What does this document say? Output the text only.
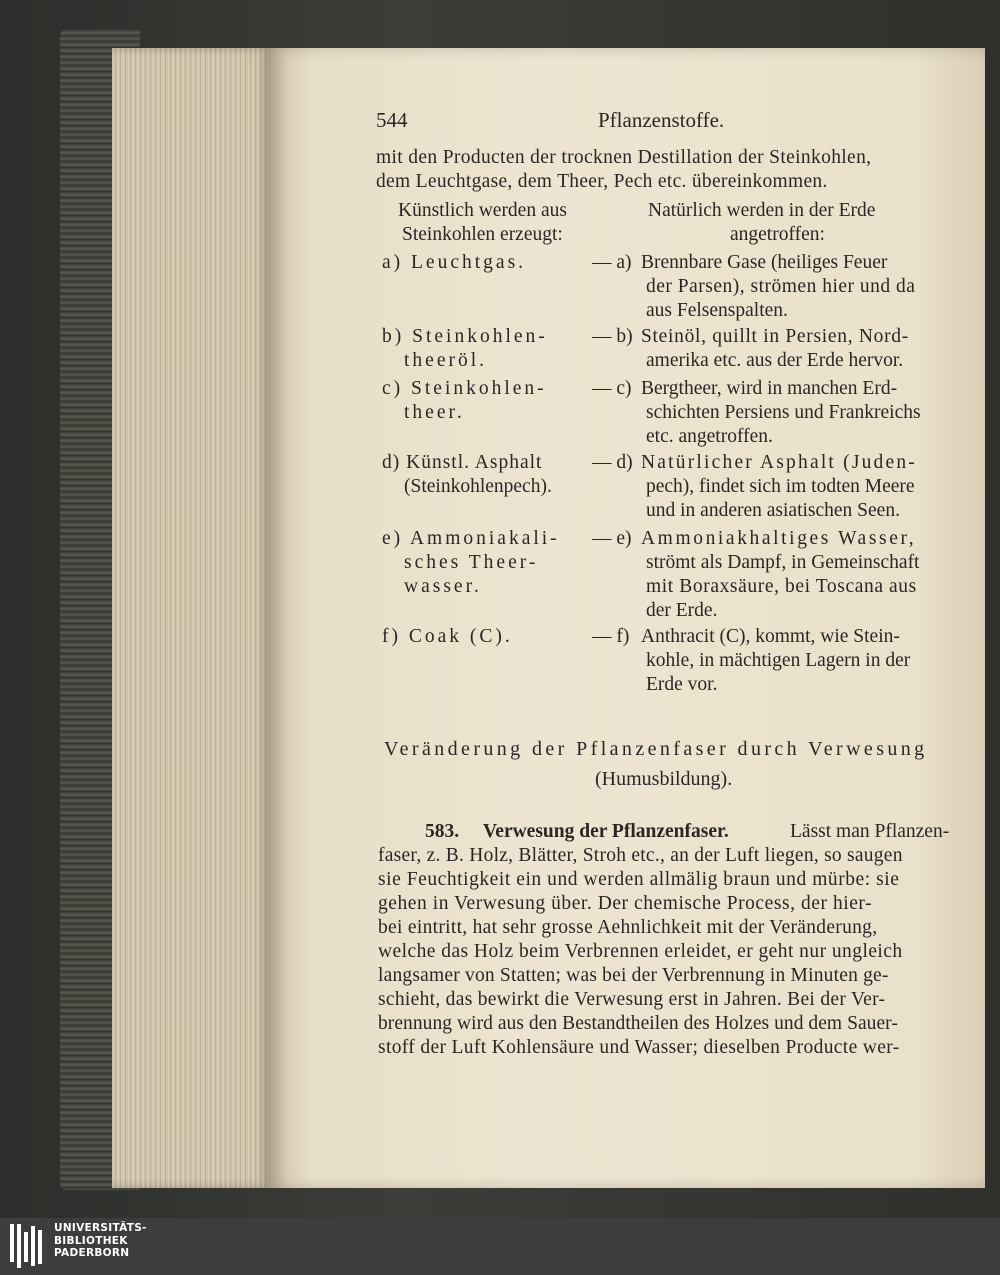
544	Pflanzenstoffe.
mit den Producten der trocknen Destillation der Steinkohlen,
dem Leuchtgase, dem Theer, Pech etc. übereinkommen.
Künstlich werden aus
Steinkohlen erzeugt:
Natürlich werden in der Erde
angetroffen:
a) Leuchtgas.	— a) Brennbare Gase (heiliges Feuer
der Parsen), strömen hier und da
aus Felsenspalten.
b) Steinkohlen-
theeröl.
— b) Steinöl, quillt in Persien, Nord-
amerika etc. aus der Erde hervor.
c) Steinkohlen-
theer.
— c) Bergtheer, wird in manchen Erd-
schichten Persiens und Frankreichs
etc. angetroffen.
d) Künstl. Asphalt
(Steinkohlenpech).
— d) Natürlicher Asphalt (Juden-
pech), findet sich im todten Meere
und in anderen asiatischen Seen.
e) Ammoniakali-
sches Theer-
wasser.
— e) Ammoniakhaltiges Wasser,
strömt als Dampf, in Gemeinschaft
mit Boraxsäure, bei Toscana aus
der Erde.
f) Coak (C).	— f) Anthracit (C), kommt, wie Stein-
kohle, in mächtigen Lagern in der
Erde vor.
Veränderung der Pflanzenfaser durch Verwesung
(Humusbildung).
583. Verwesung der Pflanzenfaser.	Lässt man Pflanzen-
faser, z. B. Holz, Blätter, Stroh etc., an der Luft liegen, so saugen
sie Feuchtigkeit ein und werden allmälig braun und mürbe: sie
gehen in Verwesung über. Der chemische Process, der hier-
bei eintritt, hat sehr grosse Aehnlichkeit mit der Veränderung,
welche das Holz beim Verbrennen erleidet, er geht nur ungleich
langsamer von Statten; was bei der Verbrennung in Minuten ge-
schieht, das bewirkt die Verwesung erst in Jahren. Bei der Ver-
brennung wird aus den Bestandtheilen des Holzes und dem Sauer-
stoff der Luft Kohlensäure und Wasser; dieselben Producte wer-
UNIVERSITÄTS-
BIBLIOTHEK
PADERBORN
